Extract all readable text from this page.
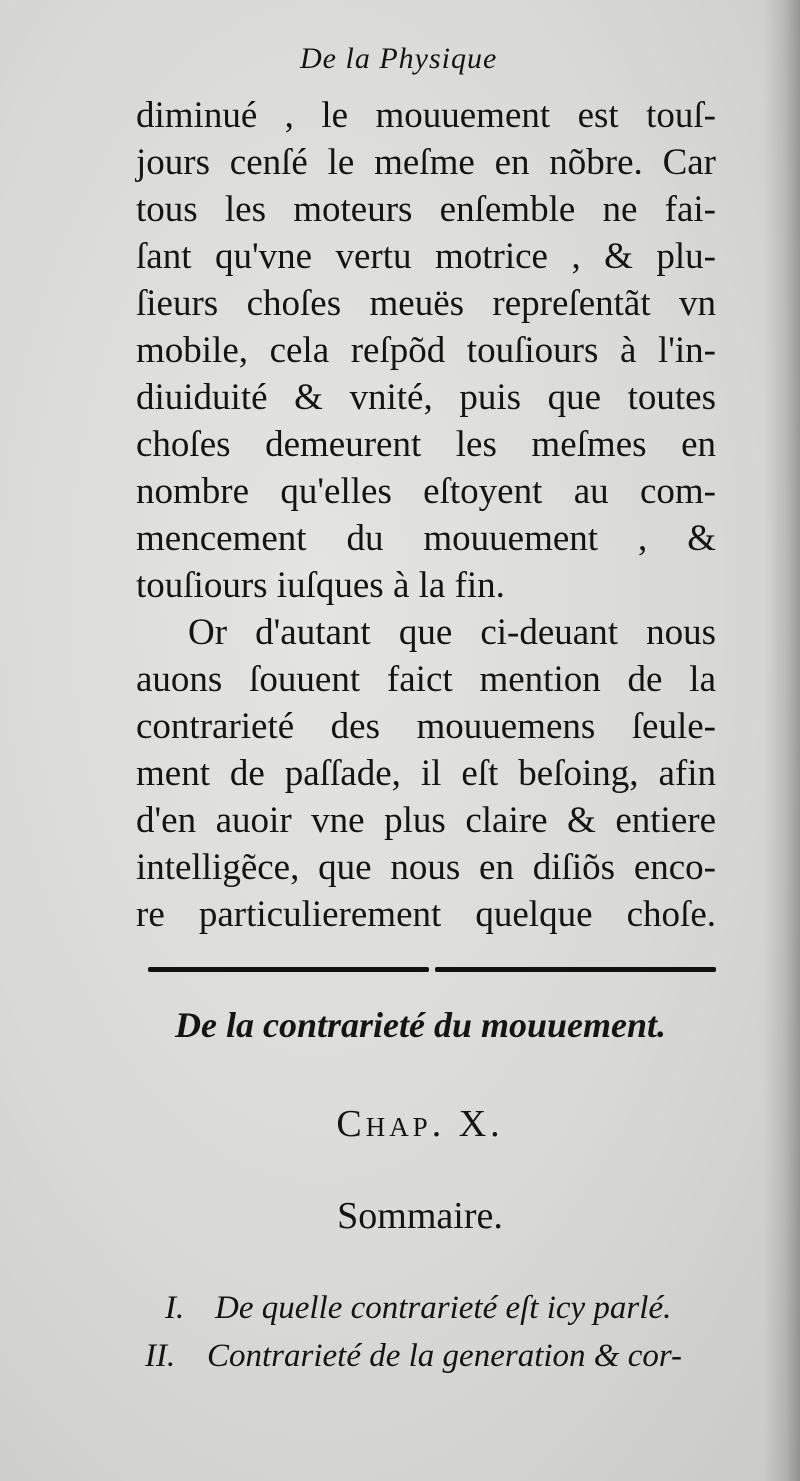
De la Physique
diminué , le mouuement est touſ-
jours cenſé le meſme en nõbre. Car
tous les moteurs enſemble ne fai-
ſant qu'vne vertu motrice , & plu-
ſieurs choſes meuës repreſentãt vn
mobile, cela reſpõd touſiours à l'in-
diuiduité & vnité, puis que toutes
choſes demeurent les meſmes en
nombre qu'elles eſtoyent au com-
mencement du mouuement , &
touſiours iuſques à la fin.
Or d'autant que ci-deuant nous
auons ſouuent faict mention de la
contrarieté des mouuemens ſeule-
ment de paſſade, il eſt beſoing, afin
d'en auoir vne plus claire & entiere
intelligẽce, que nous en diſiõs enco-
re particulierement quelque choſe.
De la contrarieté du mouuement.
Chap. X.
Sommaire.
I. De quelle contrarieté eſt icy parlé.
II. Contrarieté de la generation & cor-
